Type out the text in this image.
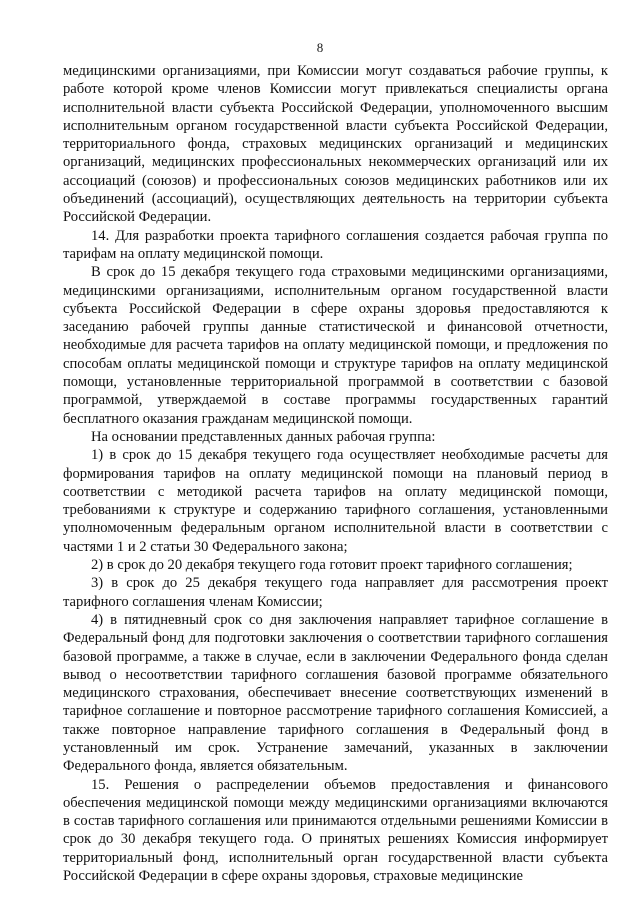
8

медицинскими организациями, при Комиссии могут создаваться рабочие группы, к работе которой кроме членов Комиссии могут привлекаться специалисты органа исполнительной власти субъекта Российской Федерации, уполномоченного высшим исполнительным органом государственной власти субъекта Российской Федерации, территориального фонда, страховых медицинских организаций и медицинских организаций, медицинских профессиональных некоммерческих организаций или их ассоциаций (союзов) и профессиональных союзов медицинских работников или их объединений (ассоциаций), осуществляющих деятельность на территории субъекта Российской Федерации.

14. Для разработки проекта тарифного соглашения создается рабочая группа по тарифам на оплату медицинской помощи.

В срок до 15 декабря текущего года страховыми медицинскими организациями, медицинскими организациями, исполнительным органом государственной власти субъекта Российской Федерации в сфере охраны здоровья предоставляются к заседанию рабочей группы данные статистической и финансовой отчетности, необходимые для расчета тарифов на оплату медицинской помощи, и предложения по способам оплаты медицинской помощи и структуре тарифов на оплату медицинской помощи, установленные территориальной программой в соответствии с базовой программой, утверждаемой в составе программы государственных гарантий бесплатного оказания гражданам медицинской помощи.

На основании представленных данных рабочая группа:

1) в срок до 15 декабря текущего года осуществляет необходимые расчеты для формирования тарифов на оплату медицинской помощи на плановый период в соответствии с методикой расчета тарифов на оплату медицинской помощи, требованиями к структуре и содержанию тарифного соглашения, установленными уполномоченным федеральным органом исполнительной власти в соответствии с частями 1 и 2 статьи 30 Федерального закона;

2) в срок до 20 декабря текущего года готовит проект тарифного соглашения;

3) в срок до 25 декабря текущего года направляет для рассмотрения проект тарифного соглашения членам Комиссии;

4) в пятидневный срок со дня заключения направляет тарифное соглашение в Федеральный фонд для подготовки заключения о соответствии тарифного соглашения базовой программе, а также в случае, если в заключении Федерального фонда сделан вывод о несоответствии тарифного соглашения базовой программе обязательного медицинского страхования, обеспечивает внесение соответствующих изменений в тарифное соглашение и повторное рассмотрение тарифного соглашения Комиссией, а также повторное направление тарифного соглашения в Федеральный фонд в установленный им срок. Устранение замечаний, указанных в заключении Федерального фонда, является обязательным.

15. Решения о распределении объемов предоставления и финансового обеспечения медицинской помощи между медицинскими организациями включаются в состав тарифного соглашения или принимаются отдельными решениями Комиссии в срок до 30 декабря текущего года. О принятых решениях Комиссия информирует территориальный фонд, исполнительный орган государственной власти субъекта Российской Федерации в сфере охраны здоровья, страховые медицинские
